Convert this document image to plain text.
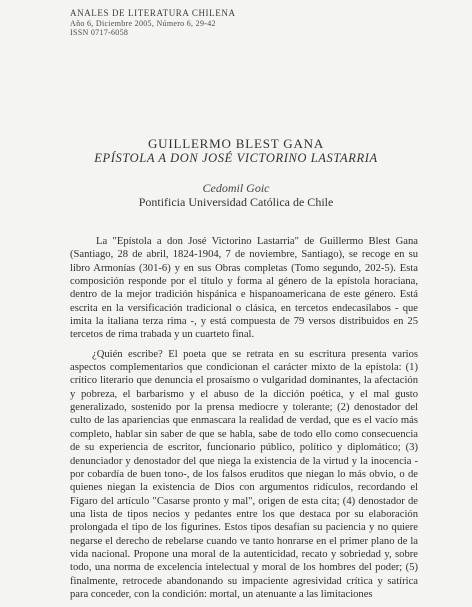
ANALES DE LITERATURA CHILENA
Año 6, Diciembre 2005, Número 6, 29-42
ISSN 0717-6058
GUILLERMO BLEST GANA
EPÍSTOLA A DON JOSÉ VICTORINO LASTARRIA
Cedomil Goic
Pontificia Universidad Católica de Chile

La "Epístola a don José Victorino Lastarria" de Guillermo Blest Gana (Santiago, 28 de abril, 1824-1904, 7 de noviembre, Santiago), se recoge en su libro Armonías (301-6) y en sus Obras completas (Tomo segundo, 202-5). Esta composición responde por el título y forma al género de la epístola horaciana, dentro de la mejor tradición hispánica e hispanoamericana de este género. Está escrita en la versificación tradicional o clásica, en tercetos endecasílabos - que imita la italiana terza rima -, y está compuesta de 79 versos distribuidos en 25 tercetos de rima trabada y un cuarteto final.

¿Quién escribe? El poeta que se retrata en su escritura presenta varios aspectos complementarios que condicionan el carácter mixto de la epístola: (1) crítico literario que denuncia el prosaísmo o vulgaridad dominantes, la afectación y pobreza, el barbarismo y el abuso de la dicción poética, y el mal gusto generalizado, sostenido por la prensa mediocre y tolerante; (2) denostador del culto de las apariencias que enmascara la realidad de verdad, que es el vacío más completo, hablar sin saber de que se habla, sabe de todo ello como consecuencia de su experiencia de escritor, funcionario público, político y diplomático; (3) denunciador y denostador del que niega la existencia de la virtud y la inocencia -por cobardía de buen tono-, de los falsos eruditos que niegan lo más obvio, o de quienes niegan la existencia de Dios con argumentos ridículos, recordando el Fígaro del artículo "Casarse pronto y mal", origen de esta cita; (4) denostador de una lista de tipos necios y pedantes entre los que destaca por su elaboración prolongada el tipo de los figurines. Estos tipos desafían su paciencia y no quiere negarse el derecho de rebelarse cuando ve tanto honrarse en el primer plano de la vida nacional. Propone una moral de la autenticidad, recato y sobriedad y, sobre todo, una norma de excelencia intelectual y moral de los hombres del poder; (5) finalmente, retrocede abandonando su impaciente agresividad crítica y satírica para conceder, con la condición: mortal, un atenuante a las limitaciones
